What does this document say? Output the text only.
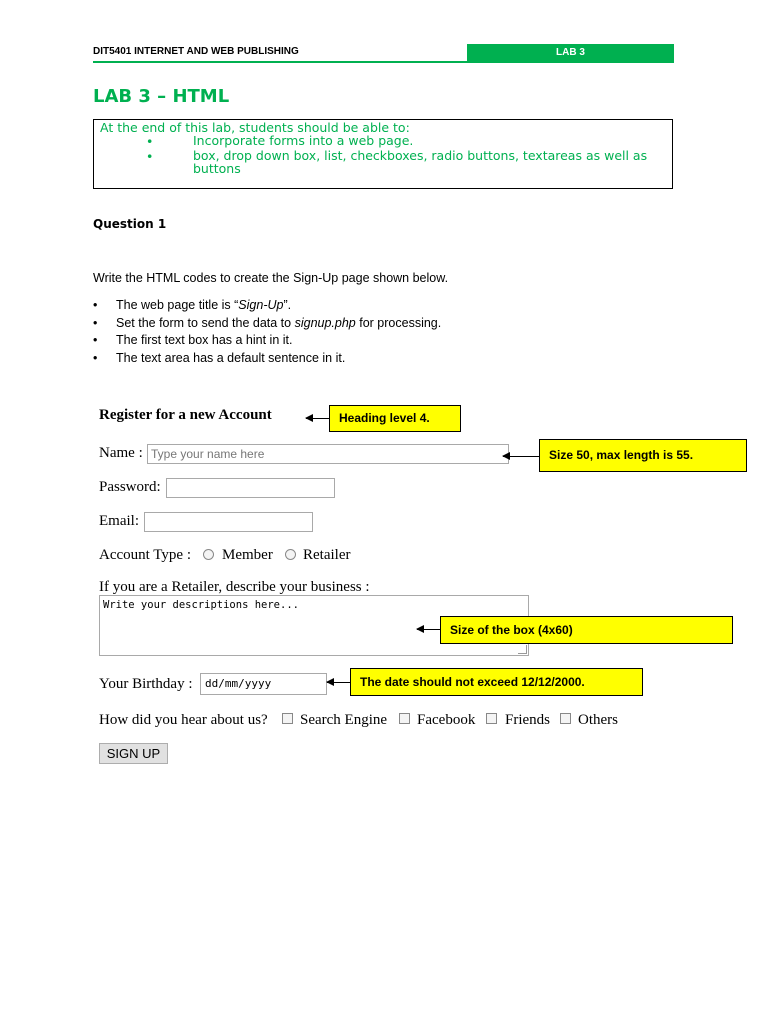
DIT5401 INTERNET AND WEB PUBLISHING	LAB 3
LAB 3 – HTML
At the end of this lab, students should be able to:
•	Incorporate forms into a web page.
•	box, drop down box, list, checkboxes, radio buttons, textareas as well as buttons
Question 1
Write the HTML codes to create the Sign-Up page shown below.
• The web page title is “Sign-Up”.
• Set the form to send the data to signup.php for processing.
• The first text box has a hint in it.
• The text area has a default sentence in it.
Register for a new Account
Name : Type your name here
Password:
Email:
Account Type : Member Retailer
If you are a Retailer, describe your business :
Write your descriptions here...
Your Birthday :	dd/mm/yyyy
How did you hear about us? Search Engine Facebook Friends Others
SIGN UP
Heading level 4.
Size 50, max length is 55.
Size of the box (4x60)
The date should not exceed 12/12/2000.
